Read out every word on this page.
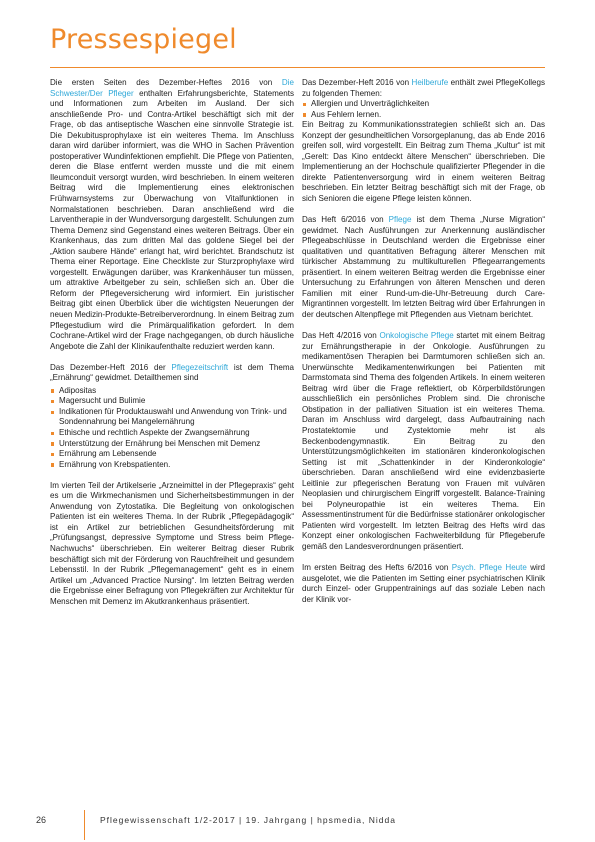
Pressespiegel

Die ersten Seiten des Dezember-Heftes 2016 von Die Schwester/Der Pfleger enthalten Erfahrungsberichte, Statements und Informationen zum Arbeiten im Ausland. Der sich anschließende Pro- und Contra-Artikel beschäftigt sich mit der Frage, ob das antiseptische Waschen eine sinnvolle Strategie ist. Die Dekubitusprophylaxe ist ein weiteres Thema. Im Anschluss daran wird darüber informiert, was die WHO in Sachen Prävention postoperativer Wundinfektionen empfiehlt. Die Pflege von Patienten, deren die Blase entfernt werden musste und die mit einem Ileumconduit versorgt wurden, wird beschrieben. In einem weiteren Beitrag wird die Implementierung eines elektronischen Frühwarnsystems zur Überwachung von Vitalfunktionen in Normalstationen beschrieben. Daran anschließend wird die Larventherapie in der Wundversorgung dargestellt. Schulungen zum Thema Demenz sind Gegenstand eines weiteren Beitrags. Über ein Krankenhaus, das zum dritten Mal das goldene Siegel bei der „Aktion saubere Hände“ erlangt hat, wird berichtet. Brandschutz ist Thema einer Reportage. Eine Checkliste zur Sturzprophylaxe wird vorgestellt. Erwägungen darüber, was Krankenhäuser tun müssen, um attraktive Arbeitgeber zu sein, schließen sich an. Über die Reform der Pflegeversicherung wird informiert. Ein juristischer Beitrag gibt einen Überblick über die wichtigsten Neuerungen der neuen Medizin-Produkte-Betreiberverordnung. In einem Beitrag zum Pflegestudium wird die Primärqualifikation gefordert. In dem Cochrane-Artikel wird der Frage nachgegangen, ob durch häusliche Angebote die Zahl der Klinikaufenthalte reduziert werden kann.

Das Dezember-Heft 2016 der Pflegezeitschrift ist dem Thema „Ernährung“ gewidmet. Detailthemen sind

Adipositas
Magersucht und Bulimie
Indikationen für Produktauswahl und Anwendung von Trink- und Sondennahrung bei Mangelernährung
Ethische und rechtlich Aspekte der Zwangsernährung
Unterstützung der Ernährung bei Menschen mit Demenz
Ernährung am Lebensende
Ernährung von Krebspatienten.

Im vierten Teil der Artikelserie „Arzneimittel in der Pflegepraxis“ geht es um die Wirkmechanismen und Sicherheitsbestimmungen in der Anwendung von Zytostatika. Die Begleitung von onkologischen Patienten ist ein weiteres Thema. In der Rubrik „Pflegepädagogik“ ist ein Artikel zur betrieblichen Gesundheitsförderung mit „Prüfungsangst, depressive Symptome und Stress beim Pflege-Nachwuchs“ überschrieben. Ein weiterer Beitrag dieser Rubrik beschäftigt sich mit der Förderung von Rauchfreiheit und gesundem Lebensstil. In der Rubrik „Pflegemanagement“ geht es in einem Artikel um „Advanced Practice Nursing“. Im letzten Beitrag werden die Ergebnisse einer Befragung von Pflegekräften zur Architektur für Menschen mit Demenz im Akutkrankenhaus präsentiert.

Das Dezember-Heft 2016 von Heilberufe enthält zwei PflegeKollegs zu folgenden Themen:

Allergien und Unverträglichkeiten
Aus Fehlern lernen.

Ein Beitrag zu Kommunikationsstrategien schließt sich an. Das Konzept der gesundheitlichen Vorsorgeplanung, das ab Ende 2016 greifen soll, wird vorgestellt. Ein Beitrag zum Thema „Kultur“ ist mit „Gerelt: Das Kino entdeckt ältere Menschen“ überschrieben. Die Implementierung an der Hochschule qualifizierter Pflegender in die direkte Patientenversorgung wird in einem weiteren Beitrag beschrieben. Ein letzter Beitrag beschäftigt sich mit der Frage, ob sich Senioren die eigene Pflege leisten können.

Das Heft 6/2016 von Pflege ist dem Thema „Nurse Migration“ gewidmet. Nach Ausführungen zur Anerkennung ausländischer Pflegeabschlüsse in Deutschland werden die Ergebnisse einer qualitativen und quantitativen Befragung älterer Menschen mit türkischer Abstammung zu multikulturellen Pflegearrangements präsentiert. In einem weiteren Beitrag werden die Ergebnisse einer Untersuchung zu Erfahrungen von älteren Menschen und deren Familien mit einer Rund-um-die-Uhr-Betreuung durch Care-Migrantinnen vorgestellt. Im letzten Beitrag wird über Erfahrungen in der deutschen Altenpflege mit Pflegenden aus Vietnam berichtet.

Das Heft 4/2016 von Onkologische Pflege startet mit einem Beitrag zur Ernährungstherapie in der Onkologie. Ausführungen zu medikamentösen Therapien bei Darmtumoren schließen sich an. Unerwünschte Medikamentenwirkungen bei Patienten mit Darmstomata sind Thema des folgenden Artikels. In einem weiteren Beitrag wird über die Frage reflektiert, ob Körperbildstörungen ausschließlich ein persönliches Problem sind. Die chronische Obstipation in der palliativen Situation ist ein weiteres Thema. Daran im Anschluss wird dargelegt, dass Aufbautraining nach Prostatektomie und Zystektomie mehr ist als Beckenbodengymnastik. Ein Beitrag zu den Unterstützungsmöglichkeiten im stationären kinderonkologischen Setting ist mit „Schattenkinder in der Kinderonkologie“ überschrieben. Daran anschließend wird eine evidenzbasierte Leitlinie zur pflegerischen Beratung von Frauen mit vulvären Neoplasien und chirurgischem Eingriff vorgestellt. Balance-Training bei Polyneuropathie ist ein weiteres Thema. Ein Assessmentinstrument für die Bedürfnisse stationärer onkologischer Patienten wird vorgestellt. Im letzten Beitrag des Hefts wird das Konzept einer onkologischen Fachweiterbildung für Pflegeberufe gemäß den Landesverordnungen präsentiert.

Im ersten Beitrag des Hefts 6/2016 von Psych. Pflege Heute wird ausgelotet, wie die Patienten im Setting einer psychiatrischen Klinik durch Einzel- oder Gruppentrainings auf das soziale Leben nach der Klinik vor-

26	Pflegewissenschaft 1/2-2017 | 19. Jahrgang | hpsmedia, Nidda
